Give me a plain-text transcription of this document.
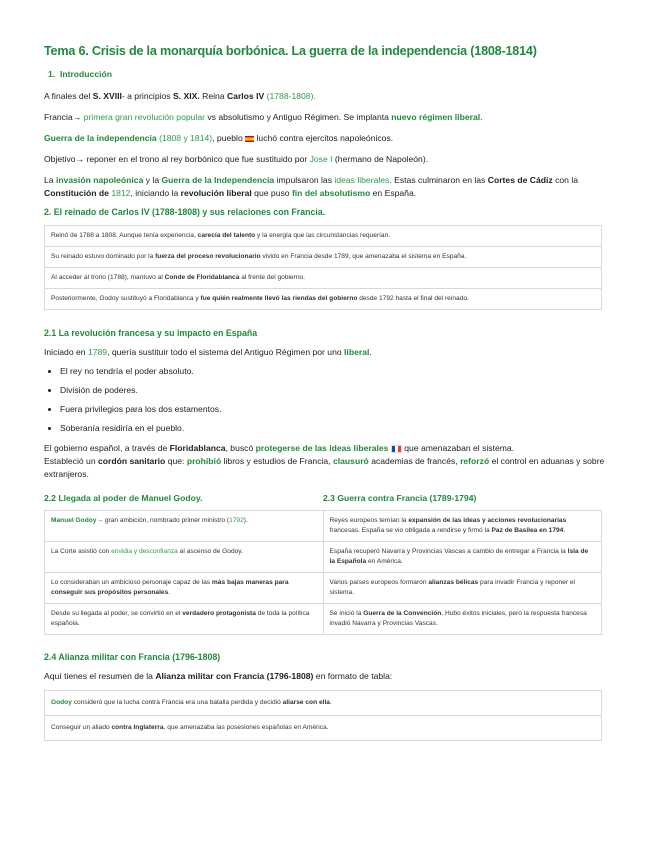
Tema 6. Crisis de la monarquía borbónica. La guerra de la independencia (1808-1814)
1. Introducción

A finales del S. XVIII- a principios S. XIX. Reina Carlos IV (1788-1808).

Francia→ primera gran revolución popular vs absolutismo y Antiguo Régimen. Se implanta nuevo régimen liberal.

Guerra de la independencia (1808 y 1814), pueblo  luchó contra ejercitos napoleónicos.

Objetivo→ reponer en el trono al rey borbónico que fue sustituido por Jose I (hermano de Napoleón).

La invasión napoleónica y la Guerra de la Independencia impulsaron las ideas liberales. Estas culminaron en las Cortes de Cádiz con la Constitución de 1812, iniciando la revolución liberal que puso fin del absolutismo en España.

2. El reinado de Carlos IV (1788-1808) y sus relaciones con Francia.
Reinó de 1788 a 1808. Aunque tenía experiencia, carecía del talento y la energía que las circunstancias requerían.
Su reinado estuvo dominado por la fuerza del proceso revolucionario vivido en Francia desde 1789, que amenazaba el sistema en España.
Al acceder al trono (1788), mantuvo al Conde de Floridablanca al frente del gobierno.
Posteriormente, Godoy sustituyó a Floridablanca y fue quién realmente llevó las riendas del gobierno desde 1792 hasta el final del reinado.
2.1 La revolución francesa y su impacto en España

Iniciado en 1789, quería sustituir todo el sistema del Antiguo Régimen por uno liberal.

• El rey no tendría el poder absoluto.
• División de poderes.
• Fuera privilegios para los dos estamentos.
• Soberanía residiría en el pueblo.

El gobierno español, a través de Floridablanca, buscó protegerse de las ideas liberales  que amenazaban el sistema.

Estableció un cordón sanitario que: prohibió libros y estudios de Francia, clausuró academias de francés, reforzó el control en aduanas y sobre extranjeros.

2.2 Llegada al poder de Manuel Godoy.	2.3 Guerra contra Francia (1789-1794)
Manuel Godoy→ gran ambición, nombrado primer ministro (1792).	Reyes europeos temían la expansión de las ideas y acciones revolucionarias francesas. España se vio obligada a rendirse y firmó la Paz de Basilea en 1794.
La Corte asistió con envidia y desconfianza al ascenso de Godoy.	España recuperó Navarra y Provincias Vascas a cambio de entregar a Francia la Isla de la Española en América.
Lo consideraban un ambicioso personaje capaz de las más bajas maneras para conseguir sus propósitos personales.	Varios países europeos formaron alianzas bélicas para invadir Francia y reponer el sistema.
Desde su llegada al poder, se convirtió en el verdadero protagonista de toda la política española.	Se inició la Guerra de la Convención. Hubo éxitos iniciales, pero la respuesta francesa invadió Navarra y Provincias Vascas.
2.4 Alianza militar con Francia (1796-1808)

Aquí tienes el resumen de la Alianza militar con Francia (1796-1808) en formato de tabla:

Godoy consideró que la lucha contra Francia era una batalla perdida y decidió aliarse con ella.
Conseguir un aliado contra Inglaterra, que amenazaba las posesiones españolas en América.
